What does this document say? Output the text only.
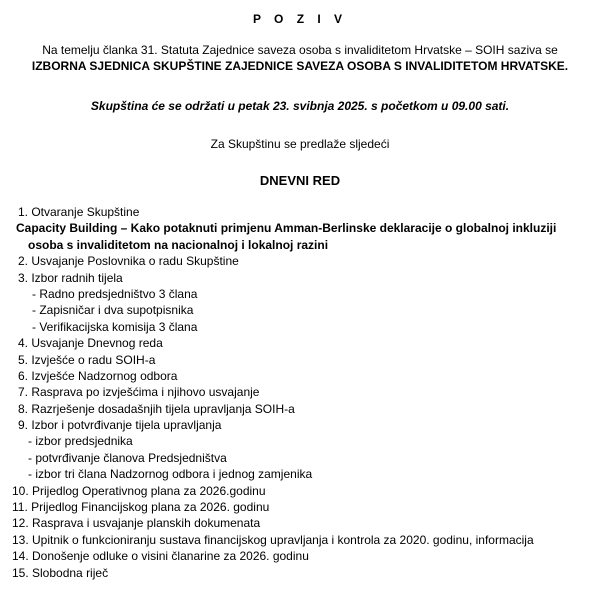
P O Z I V
Na temelju članka 31. Statuta Zajednice saveza osoba s invaliditetom Hrvatske – SOIH saziva se
IZBORNA SJEDNICA SKUPŠTINE ZAJEDNICE SAVEZA OSOBA S INVALIDITETOM HRVATSKE.
Skupština će se održati u petak 23. svibnja 2025. s početkom u 09.00 sati.
Za Skupštinu se predlaže sljedeći
DNEVNI RED
1. Otvaranje Skupštine
Capacity Building – Kako potaknuti primjenu Amman-Berlinske deklaracije o globalnoj inkluziji
osoba s invaliditetom na nacionalnoj i lokalnoj razini
2. Usvajanje Poslovnika o radu Skupštine
3. Izbor radnih tijela
- Radno predsjedništvo 3 člana
- Zapisničar i dva supotpisnika
- Verifikacijska komisija 3 člana
4. Usvajanje Dnevnog reda
5. Izvješće o radu SOIH-a
6. Izvješće Nadzornog odbora
7. Rasprava po izvješćima i njihovo usvajanje
8. Razrješenje dosadašnjih tijela upravljanja SOIH-a
9. Izbor i potvrđivanje tijela upravljanja
- izbor predsjednika
- potvrđivanje članova Predsjedništva
- izbor tri člana Nadzornog odbora i jednog zamjenika
10. Prijedlog Operativnog plana za 2026.godinu
11. Prijedlog Financijskog plana za 2026. godinu
12. Rasprava i usvajanje planskih dokumenata
13. Upitnik o funkcioniranju sustava financijskog upravljanja i kontrola za 2020. godinu, informacija
14. Donošenje odluke o visini članarine za 2026. godinu
15. Slobodna riječ
